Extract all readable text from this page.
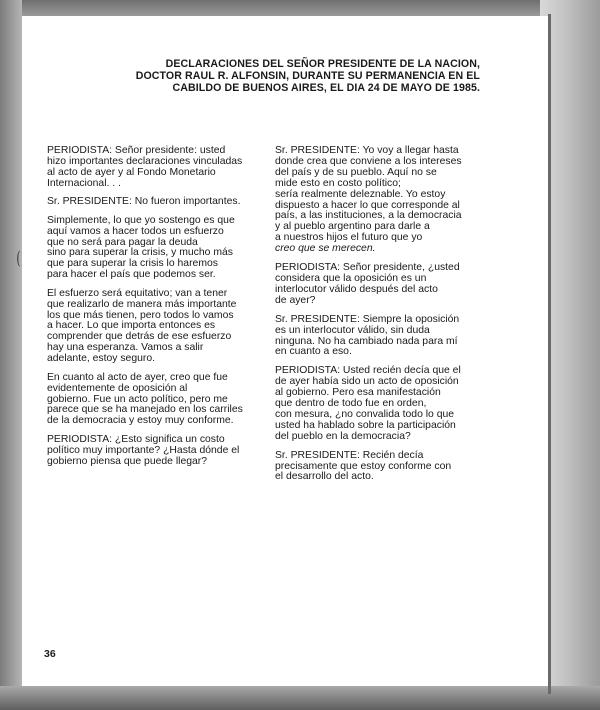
(
DECLARACIONES DEL SEÑOR PRESIDENTE DE LA NACION,
DOCTOR RAUL R. ALFONSIN, DURANTE SU PERMANENCIA EN EL
CABILDO DE BUENOS AIRES, EL DIA 24 DE MAYO DE 1985.

PERIODISTA: Señor presidente: usted
hizo importantes declaraciones vinculadas
al acto de ayer y al Fondo Monetario
Internacional. . .

Sr. PRESIDENTE: No fueron importantes.

Simplemente, lo que yo sostengo es que
aquí vamos a hacer todos un esfuerzo
que no será para pagar la deuda
sino para superar la crisis, y mucho más
que para superar la crisis lo haremos
para hacer el país que podemos ser.

El esfuerzo será equitativo; van a tener
que realizarlo de manera más importante
los que más tienen, pero todos lo vamos
a hacer. Lo que importa entonces es
comprender que detrás de ese esfuerzo
hay una esperanza. Vamos a salir
adelante, estoy seguro.

En cuanto al acto de ayer, creo que fue
evidentemente de oposición al
gobierno. Fue un acto político, pero me
parece que se ha manejado en los carriles
de la democracia y estoy muy conforme.

PERIODISTA: ¿Esto significa un costo
político muy importante? ¿Hasta dónde el
gobierno piensa que puede llegar?

Sr. PRESIDENTE: Yo voy a llegar hasta
donde crea que conviene a los intereses
del país y de su pueblo. Aquí no se
mide esto en costo político;
sería realmente deleznable. Yo estoy
dispuesto a hacer lo que corresponde al
país, a las instituciones, a la democracia
y al pueblo argentino para darle a
a nuestros hijos el futuro que yo
creo que se merecen.

PERIODISTA: Señor presidente, ¿usted
considera que la oposición es un
interlocutor válido después del acto
de ayer?

Sr. PRESIDENTE: Siempre la oposición
es un interlocutor válido, sin duda
ninguna. No ha cambiado nada para mí
en cuanto a eso.

PERIODISTA: Usted recién decía que el
de ayer había sido un acto de oposición
al gobierno. Pero esa manifestación
que dentro de todo fue en orden,
con mesura, ¿no convalida todo lo que
usted ha hablado sobre la participación
del pueblo en la democracia?

Sr. PRESIDENTE: Recién decía
precisamente que estoy conforme con
el desarrollo del acto.

36
